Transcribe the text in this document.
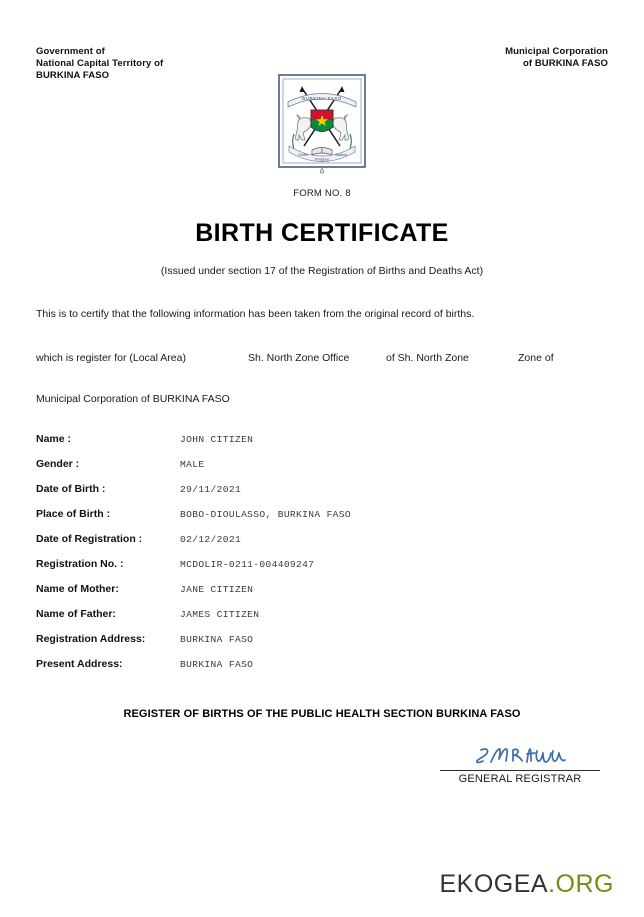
Government of
National Capital Territory of
BURKINA FASO
Municipal Corporation
of BURKINA FASO
BURKINA FASO
Unite
Progres
Justice
FORM NO. 8
BIRTH CERTIFICATE
(Issued under section 17 of the Registration of Births and Deaths Act)
This is to certify that the following information has been taken from the original record of births.
which is register for (Local Area)	Sh. North Zone Office	of Sh. North Zone	Zone of
Municipal Corporation of BURKINA FASO
Name :	JOHN CITIZEN
Gender :	MALE
Date of Birth :	29/11/2021
Place of Birth :	BOBO-DIOULASSO, BURKINA FASO
Date of Registration :	02/12/2021
Registration No. :	MCDOLIR-0211-004409247
Name of Mother:	JANE CITIZEN
Name of Father:	JAMES CITIZEN
Registration Address:	BURKINA FASO
Present Address:	BURKINA FASO
REGISTER OF BIRTHS OF THE PUBLIC HEALTH SECTION BURKINA FASO
GENERAL REGISTRAR
EKOGEA.ORG
